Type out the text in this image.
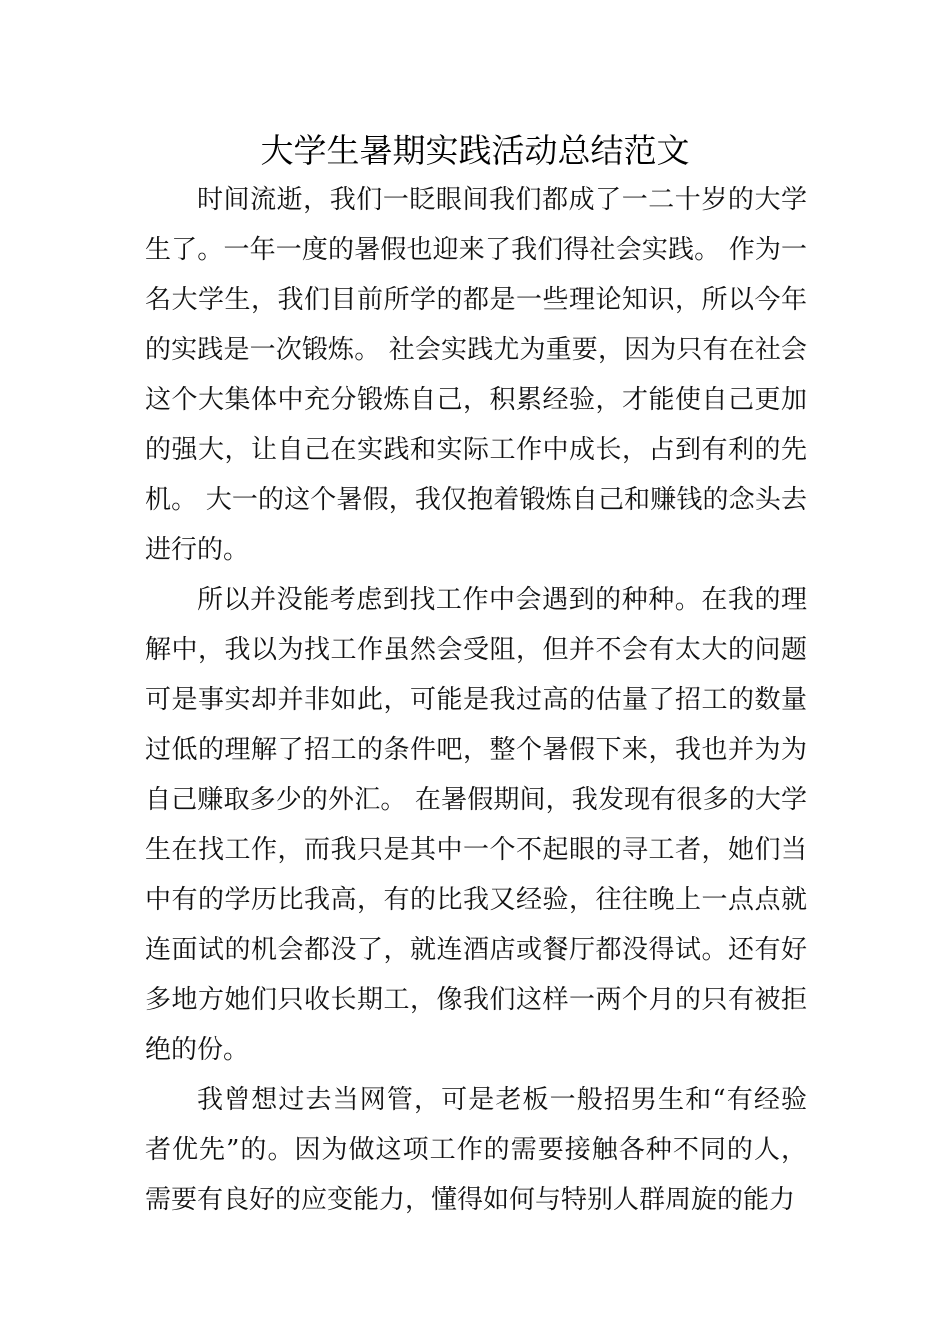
大学生暑期实践活动总结范文

时间流逝，我们一眨眼间我们都成了一二十岁的大学生了。一年一度的暑假也迎来了我们得社会实践。 作为一名大学生，我们目前所学的都是一些理论知识，所以今年的实践是一次锻炼。 社会实践尤为重要，因为只有在社会这个大集体中充分锻炼自己，积累经验，才能使自己更加的强大，让自己在实践和实际工作中成长，占到有利的先机。 大一的这个暑假，我仅抱着锻炼自己和赚钱的念头去进行的。

所以并没能考虑到找工作中会遇到的种种。在我的理解中，我以为找工作虽然会受阻，但并不会有太大的问题可是事实却并非如此，可能是我过高的估量了招工的数量过低的理解了招工的条件吧，整个暑假下来，我也并为为自己赚取多少的外汇。 在暑假期间，我发现有很多的大学生在找工作，而我只是其中一个不起眼的寻工者，她们当中有的学历比我高，有的比我又经验，往往晚上一点点就连面试的机会都没了，就连酒店或餐厅都没得试。还有好多地方她们只收长期工，像我们这样一两个月的只有被拒绝的份。

我曾想过去当网管，可是老板一般招男生和“有经验者优先”的。因为做这项工作的需要接触各种不同的人，需要有良好的应变能力，懂得如何与特别人群周旋的能力
